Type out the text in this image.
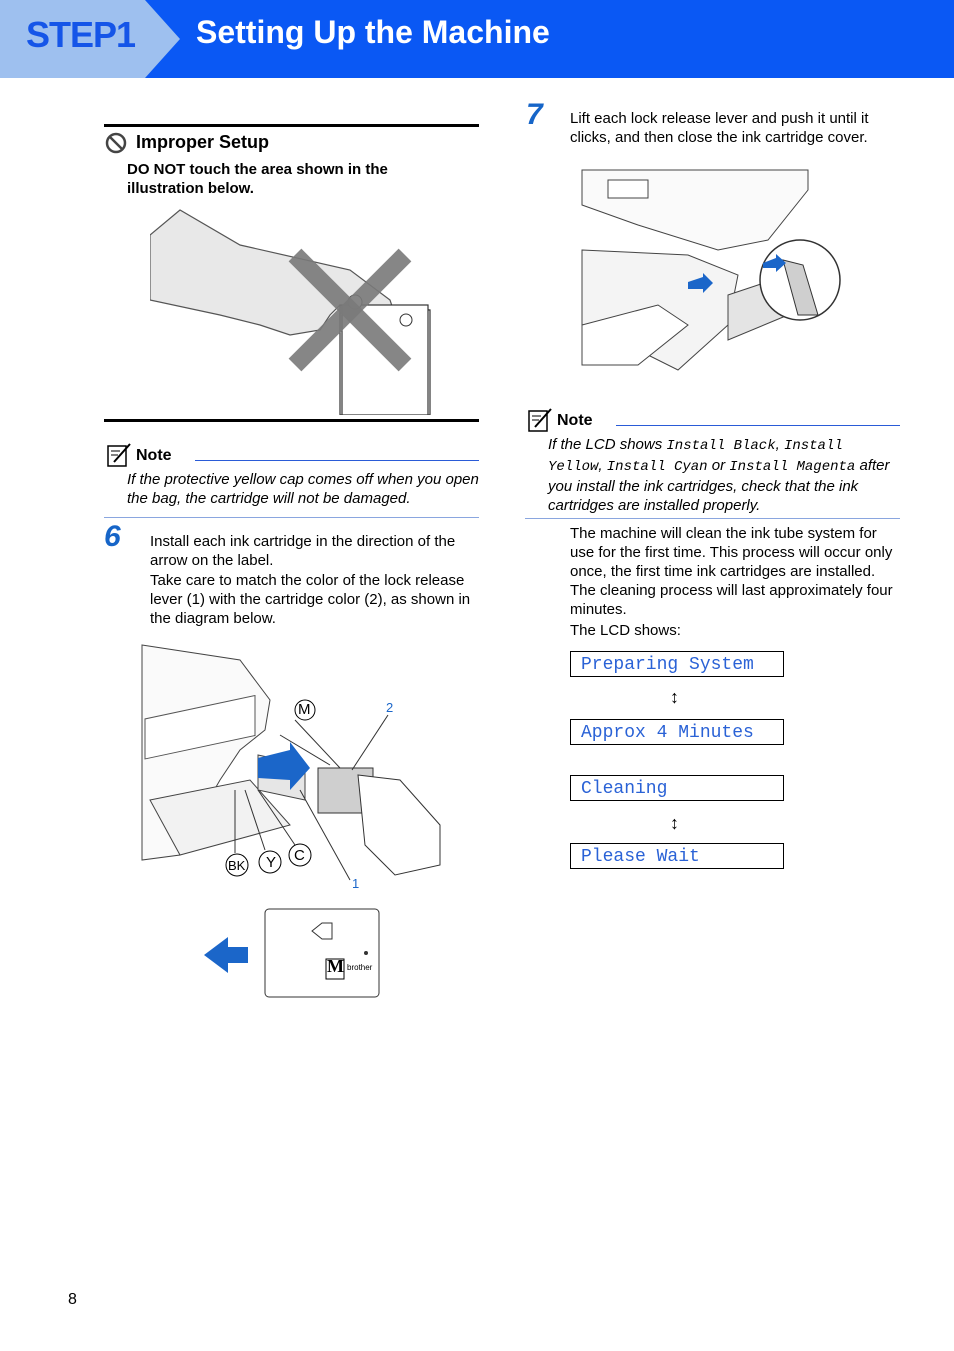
STEP1 Setting Up the Machine
Improper Setup
DO NOT touch the area shown in the illustration below.
Note
If the protective yellow cap comes off when you open the bag, the cartridge will not be damaged.
6 Install each ink cartridge in the direction of the arrow on the label.
Take care to match the color of the lock release lever (1) with the cartridge color (2), as shown in the diagram below.
M	2
BK Y C
1
M brother
7 Lift each lock release lever and push it until it clicks, and then close the ink cartridge cover.
Note
If the LCD shows Install Black, Install Yellow, Install Cyan or Install Magenta after you install the ink cartridges, check that the ink cartridges are installed properly.
The machine will clean the ink tube system for use for the first time. This process will occur only once, the first time ink cartridges are installed. The cleaning process will last approximately four minutes.
The LCD shows:
Preparing System
↕
Approx 4 Minutes
Cleaning
↕
Please Wait
8
